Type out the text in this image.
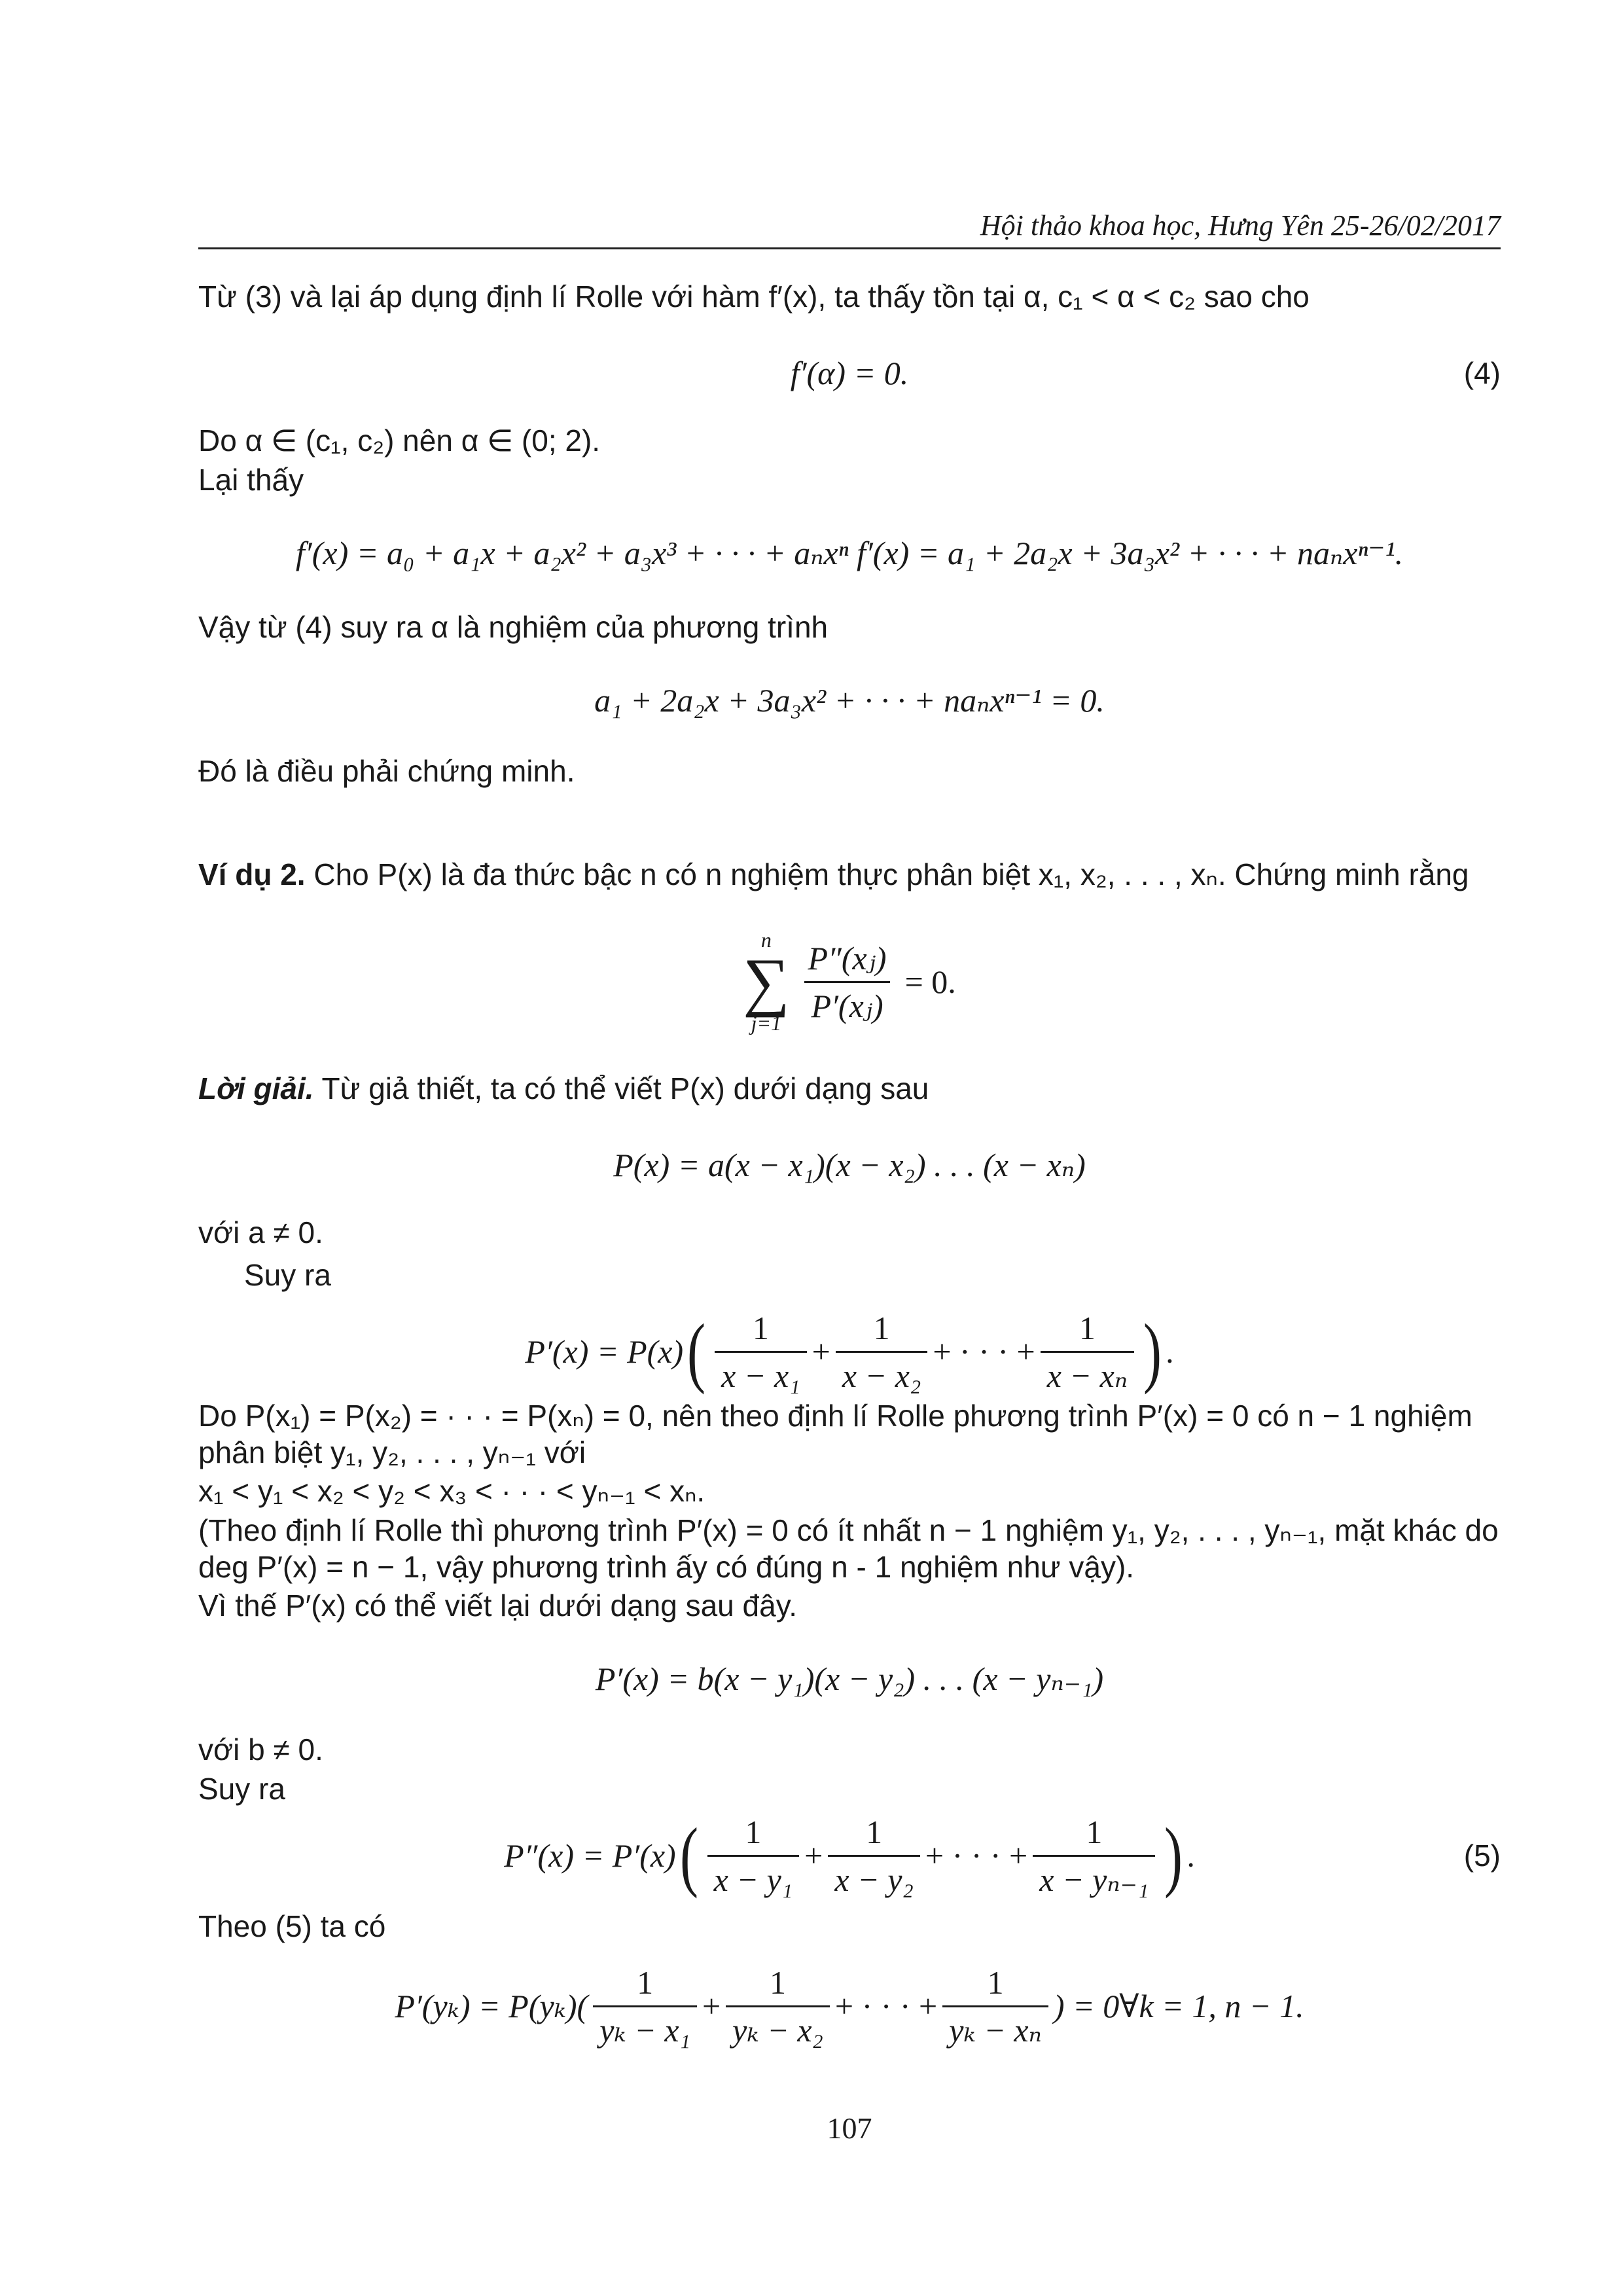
Hội thảo khoa học, Hưng Yên 25-26/02/2017
Từ (3) và lại áp dụng định lí Rolle với hàm f′(x), ta thấy tồn tại α, c₁ < α < c₂ sao cho
f′(α) = 0.	(4)
Do α ∈ (c₁, c₂) nên α ∈ (0; 2).
Lại thấy
f′(x) = a₀ + a₁x + a₂x² + a₃x³ + · · · + aₙxⁿ f′(x) = a₁ + 2a₂x + 3a₃x² + · · · + naₙxⁿ⁻¹.
Vậy từ (4) suy ra α là nghiệm của phương trình
a₁ + 2a₂x + 3a₃x² + · · · + naₙxⁿ⁻¹ = 0.
Đó là điều phải chứng minh.
Ví dụ 2. Cho P(x) là đa thức bậc n có n nghiệm thực phân biệt x₁, x₂, . . . , xₙ. Chứng minh rằng
n
∑
$j=1 \frac{\text{P″(xⱼ)}}{\text{P′(xⱼ)}} = 0$.
Lời giải. Từ giả thiết, ta có thể viết P(x) dưới dạng sau
P(x) = a(x − x₁)(x − x₂) . . . (x − xₙ)
với a ≠ 0.
Suy ra
P′(x) = P(x) ( $\frac{1}{\text{x − x₁}} + \frac{1}{\text{x − x₂}}$ + · · · + $\frac{1}{\text{x − xₙ}}$ ) .
Do P(x₁) = P(x₂) = · · · = P(xₙ) = 0, nên theo định lí Rolle phương trình P′(x) = 0 có n − 1 nghiệm phân biệt y₁, y₂, . . . , yₙ₋₁ với
x₁ < y₁ < x₂ < y₂ < x₃ < · · · < yₙ₋₁ < xₙ.
(Theo định lí Rolle thì phương trình P′(x) = 0 có ít nhất n − 1 nghiệm y₁, y₂, . . . , yₙ₋₁, mặt khác do deg P′(x) = n − 1, vậy phương trình ấy có đúng n - 1 nghiệm như vậy).
Vì thế P′(x) có thể viết lại dưới dạng sau đây.
P′(x) = b(x − y₁)(x − y₂) . . . (x − yₙ₋₁)
với b ≠ 0.
Suy ra
P″(x) = P′(x) ( $\frac{1}{\text{x − y₁}} + \frac{1}{\text{x − y₂}}$ + · · · + $\frac{1}{\text{x − yₙ₋₁}}$ ) .	(5)
Theo (5) ta có
$P'(y_k) = P(y_k)( \frac{1}{\text{yₖ − x₁}} + \frac{1}{\text{yₖ − x₂}}$ + · · · + $\frac{1}{\text{yₖ − xₙ}}$ ) = 0∀k = 1, n − 1.
107
